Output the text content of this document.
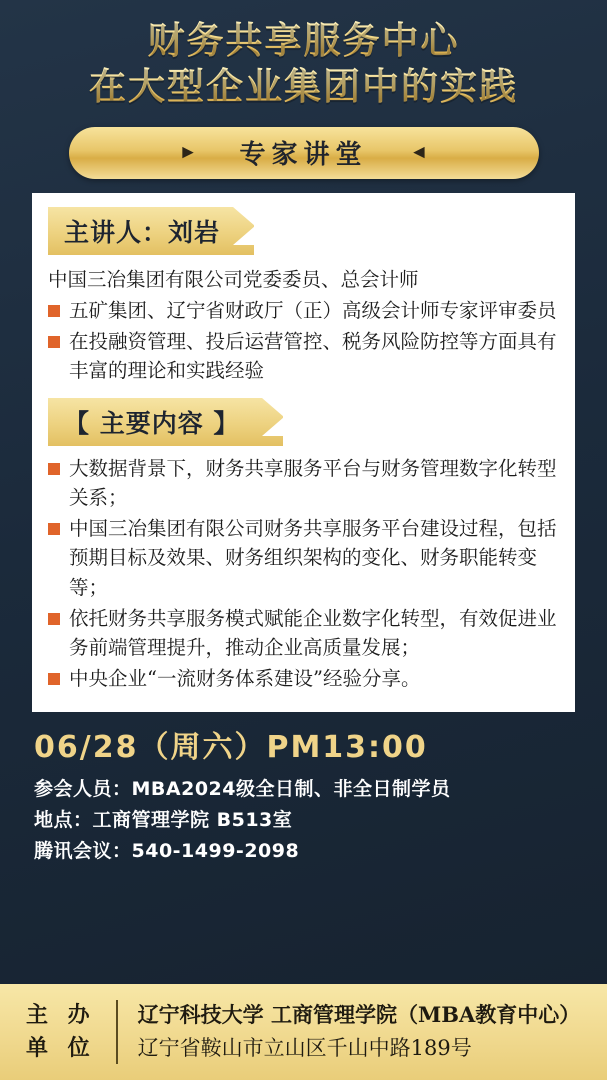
财务共享服务中心
在大型企业集团中的实践
► 专家讲堂 ◄
主讲人：刘岩
中国三冶集团有限公司党委委员、总会计师
五矿集团、辽宁省财政厅（正）高级会计师专家评审委员
在投融资管理、投后运营管控、税务风险防控等方面具有丰富的理论和实践经验
【 主要内容 】
大数据背景下，财务共享服务平台与财务管理数字化转型关系；
中国三冶集团有限公司财务共享服务平台建设过程，包括预期目标及效果、财务组织架构的变化、财务职能转变等；
依托财务共享服务模式赋能企业数字化转型，有效促进业务前端管理提升，推动企业高质量发展；
中央企业“一流财务体系建设”经验分享。
06/28（周六）PM13:00
参会人员：MBA2024级全日制、非全日制学员
地点：工商管理学院 B513室
腾讯会议：540-1499-2098
主 办
单 位
辽宁科技大学 工商管理学院（MBA教育中心）
辽宁省鞍山市立山区千山中路189号
